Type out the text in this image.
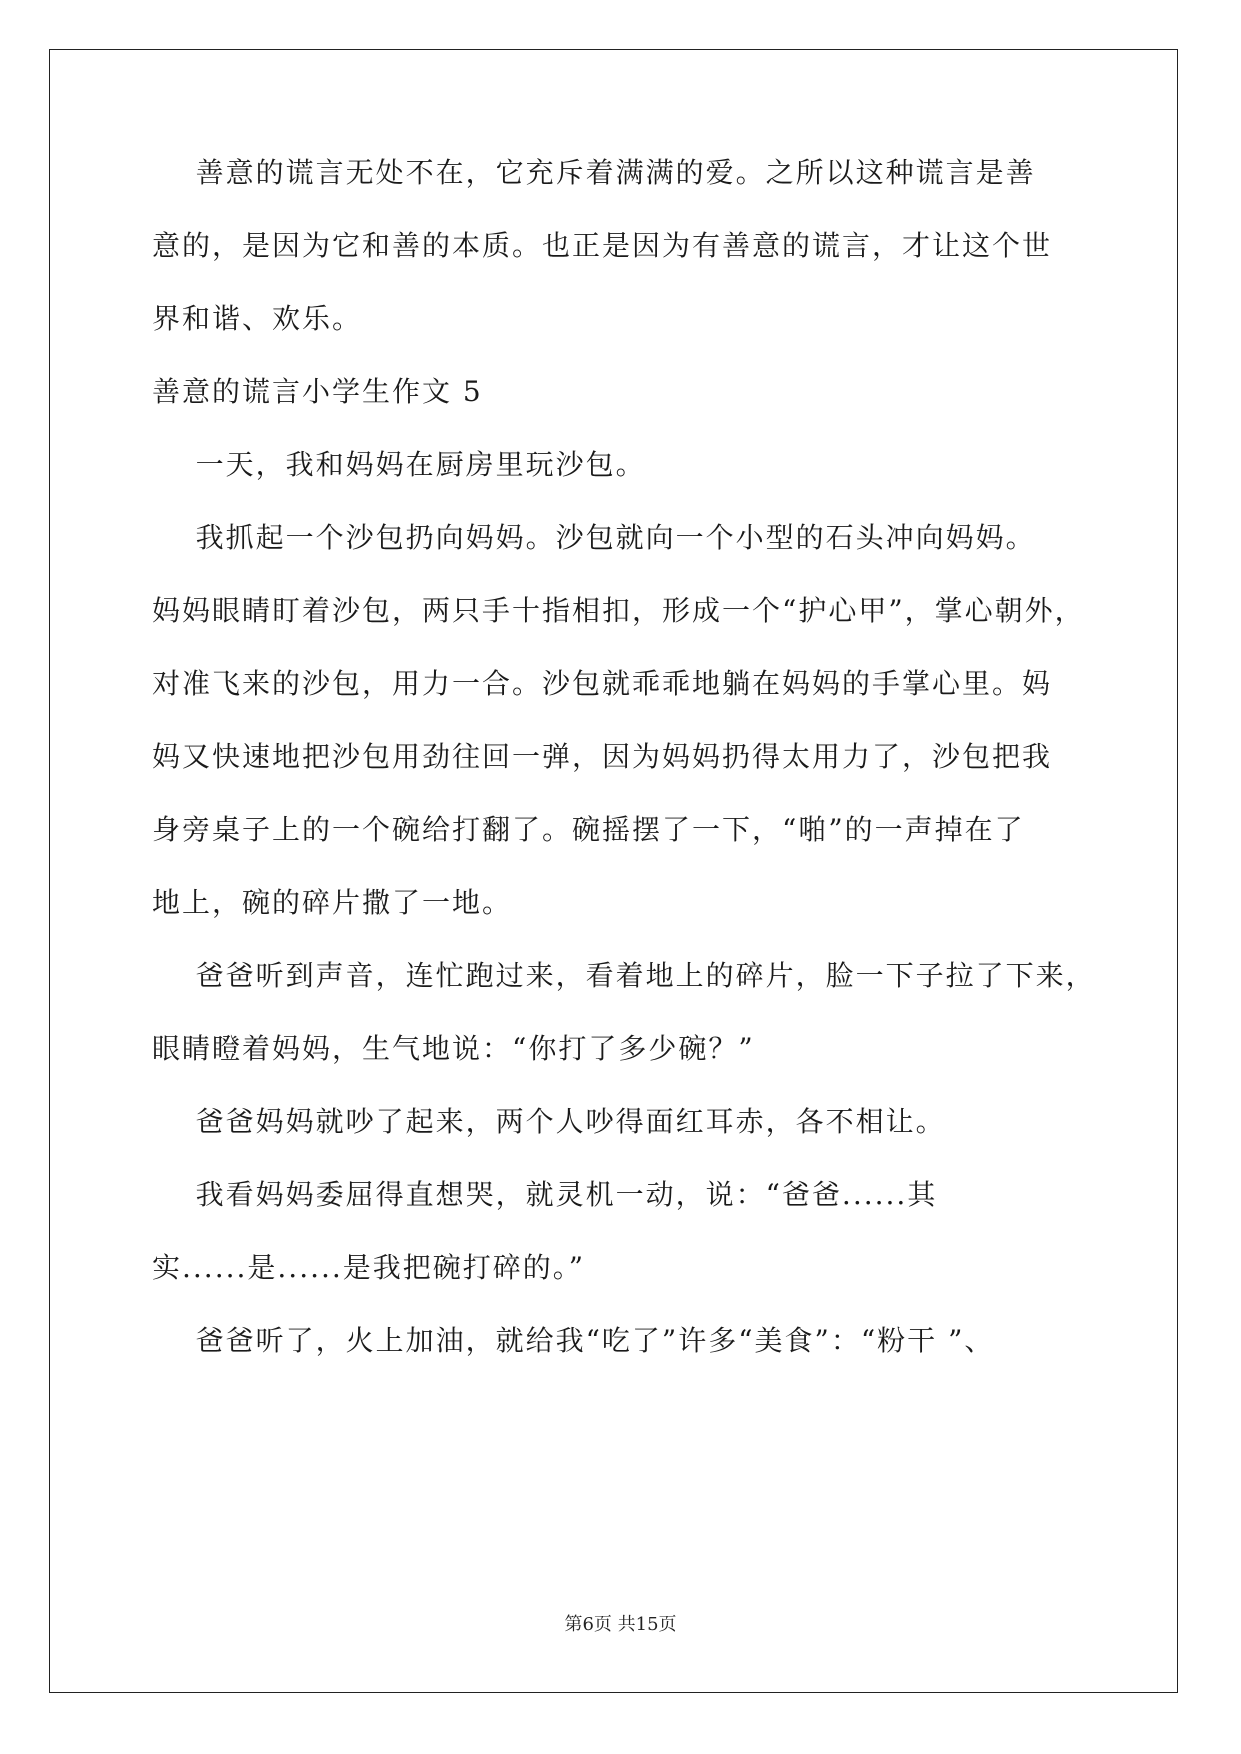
善意的谎言无处不在，它充斥着满满的爱。之所以这种谎言是善
意的，是因为它和善的本质。也正是因为有善意的谎言，才让这个世
界和谐、欢乐。
善意的谎言小学生作文 5
一天，我和妈妈在厨房里玩沙包。
我抓起一个沙包扔向妈妈。沙包就向一个小型的石头冲向妈妈。
妈妈眼睛盯着沙包，两只手十指相扣，形成一个“护心甲”，掌心朝外，
对准飞来的沙包，用力一合。沙包就乖乖地躺在妈妈的手掌心里。妈
妈又快速地把沙包用劲往回一弹，因为妈妈扔得太用力了，沙包把我
身旁桌子上的一个碗给打翻了。碗摇摆了一下，“啪”的一声掉在了
地上，碗的碎片撒了一地。
爸爸听到声音，连忙跑过来，看着地上的碎片，脸一下子拉了下来，
眼睛瞪着妈妈，生气地说：“你打了多少碗？”
爸爸妈妈就吵了起来，两个人吵得面红耳赤，各不相让。
我看妈妈委屈得直想哭，就灵机一动，说：“爸爸......其
实......是......是我把碗打碎的。”
爸爸听了，火上加油，就给我“吃了”许多“美食”：“粉干 ”、
第6页 共15页
